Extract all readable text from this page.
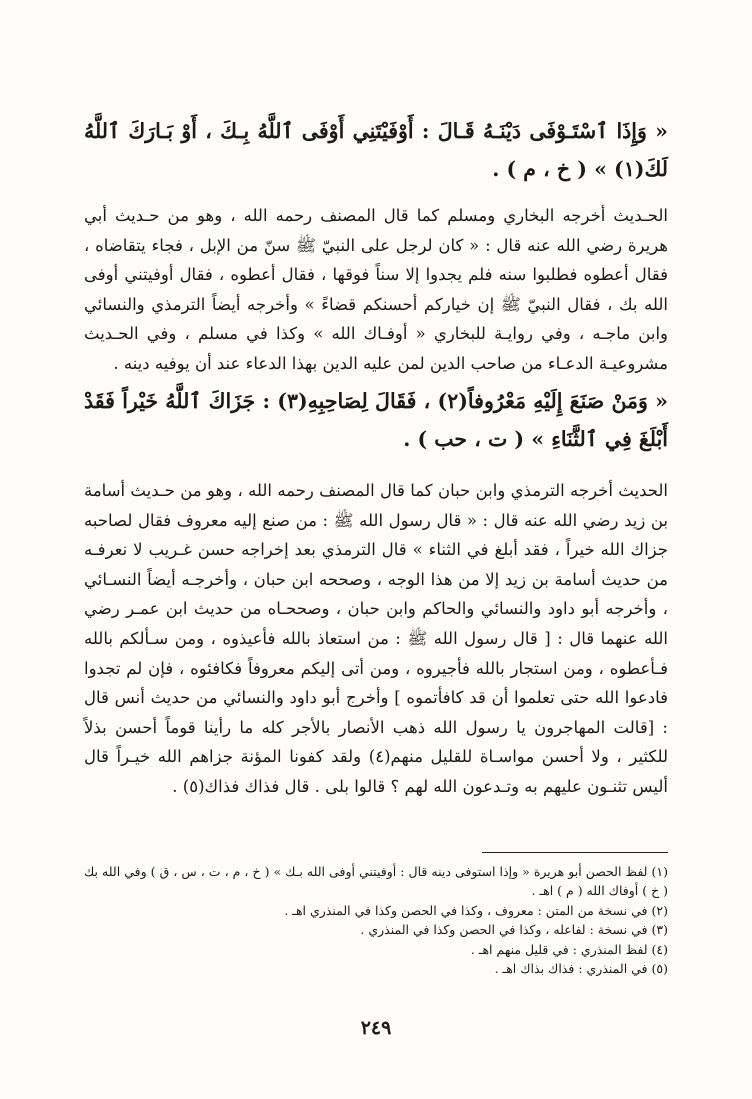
« وَإِذَا ٱسْتَـوْفَى دَيْنَـهُ قَـالَ : أَوْفَيْتَنِي أَوْفَى ٱللَّهُ بِـكَ ، أَوْ بَـارَكَ ٱللَّهُ لَكَ(١) » ( خ ، م ) .
الحـديث أخرجه البخاري ومسلم كما قال المصنف رحمه الله ، وهو من حـديث أبي هريرة رضي الله عنه قال : « كان لرجل على النبيّ ﷺ سنّ من الإبل ، فجاء يتقاضاه ، فقال أعطوه فطلبوا سنه فلم يجدوا إلا سناً فوقها ، فقال أعطوه ، فقال أوفيتني أوفى الله بك ، فقال النبيّ ﷺ إن خياركم أحسنكم قضاءً » وأخرجه أيضاً الترمذي والنسائي وابن ماجـه ، وفي روايـة للبخاري « أوفـاك الله » وكذا في مسلم ، وفي الحـديث مشروعيـة الدعـاء من صاحب الدين لمن عليه الدين بهذا الدعاء عند أن يوفيه دينه .
« وَمَنْ صَنَعَ إِلَيْهِ مَعْرُوفاً(٢) ، فَقَالَ لِصَاحِبِهِ(٣) : جَزَاكَ ٱللَّهُ خَيْراً فَقَدْ أَبْلَغَ فِي ٱلثَّنَاءِ » ( ت ، حب ) .
الحديث أخرجه الترمذي وابن حبان كما قال المصنف رحمه الله ، وهو من حـديث أسامة بن زيد رضي الله عنه قال : « قال رسول الله ﷺ : من صنع إليه معروف فقال لصاحبه جزاك الله خيراً ، فقد أبلغ في الثناء » قال الترمذي بعد إخراجه حسن غـريب لا نعرفـه من حديث أسامة بن زيد إلا من هذا الوجه ، وصححه ابن حبان ، وأخرجـه أيضاً النسـائي ، وأخرجه أبو داود والنسائي والحاكم وابن حبان ، وصححـاه من حديث ابن عمـر رضي الله عنهما قال : [ قال رسول الله ﷺ : من استعاذ بالله فأعيذوه ، ومن سـألكم بالله فـأعطوه ، ومن استجار بالله فأجيروه ، ومن أتى إليكم معروفاً فكافئوه ، فإن لم تجدوا فادعوا الله حتى تعلموا أن قد كافأتموه ] وأخرج أبو داود والنسائي من حديث أنس قال : [قالت المهاجرون يا رسول الله ذهب الأنصار بالأجر كله ما رأينا قوماً أحسن بذلاً للكثير ، ولا أحسن مواسـاة للقليل منهم(٤) ولقد كفونا المؤنة جزاهم الله خيـراً قال أليس تثنـون عليهم به وتـدعون الله لهم ؟ قالوا بلى . قال فذاك فذاك(٥) .

(١) لفظ الحصن أبو هريرة « وإذا استوفى دينه قال : أوفيتني أوفى الله بـك » ( خ ، م ، ت ، س ، ق ) وفي الله بك ( خ ) أوفاك الله ( م ) اهـ .

(٢) في نسخة من المتن : معروف ، وكذا في الحصن وكذا في المنذري اهـ .

(٣) في نسخة : لفاعله ، وكذا في الحصن وكذا في المنذري .

(٤) لفظ المنذري : في قليل منهم اهـ .

(٥) في المنذري : فذاك بذاك اهـ .

٢٤٩
